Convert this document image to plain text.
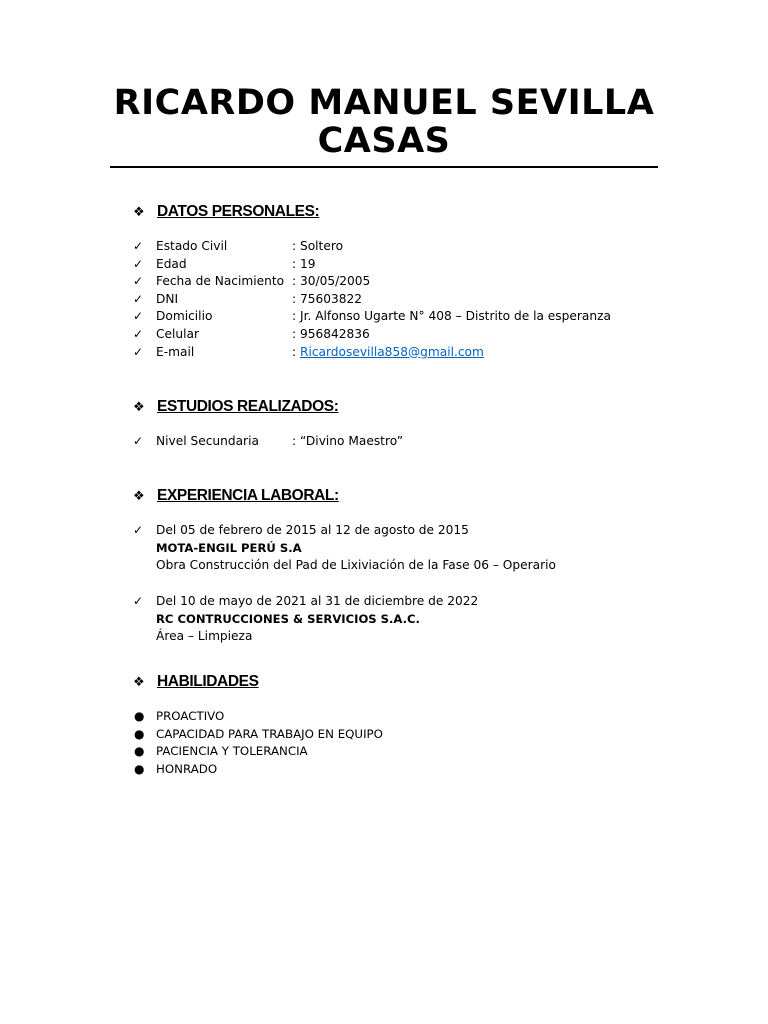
RICARDO MANUEL SEVILLA
CASAS
❖ DATOS PERSONALES:
✓ Estado Civil	: Soltero
✓ Edad	: 19
✓ Fecha de Nacimiento : 30/05/2005
✓ DNI	: 75603822
✓ Domicilio	: Jr. Alfonso Ugarte N° 408 – Distrito de la esperanza
✓ Celular	: 956842836
✓ E-mail	: Ricardosevilla858@gmail.com
❖ ESTUDIOS REALIZADOS:
✓ Nivel Secundaria	: “Divino Maestro”
❖ EXPERIENCIA LABORAL:
✓ Del 05 de febrero de 2015 al 12 de agosto de 2015
MOTA-ENGIL PERÚ S.A
Obra Construcción del Pad de Lixiviación de la Fase 06 – Operario
✓ Del 10 de mayo de 2021 al 31 de diciembre de 2022
RC CONTRUCCIONES & SERVICIOS S.A.C.
Área – Limpieza
❖ HABILIDADES
● PROACTIVO
● CAPACIDAD PARA TRABAJO EN EQUIPO
● PACIENCIA Y TOLERANCIA
● HONRADO
